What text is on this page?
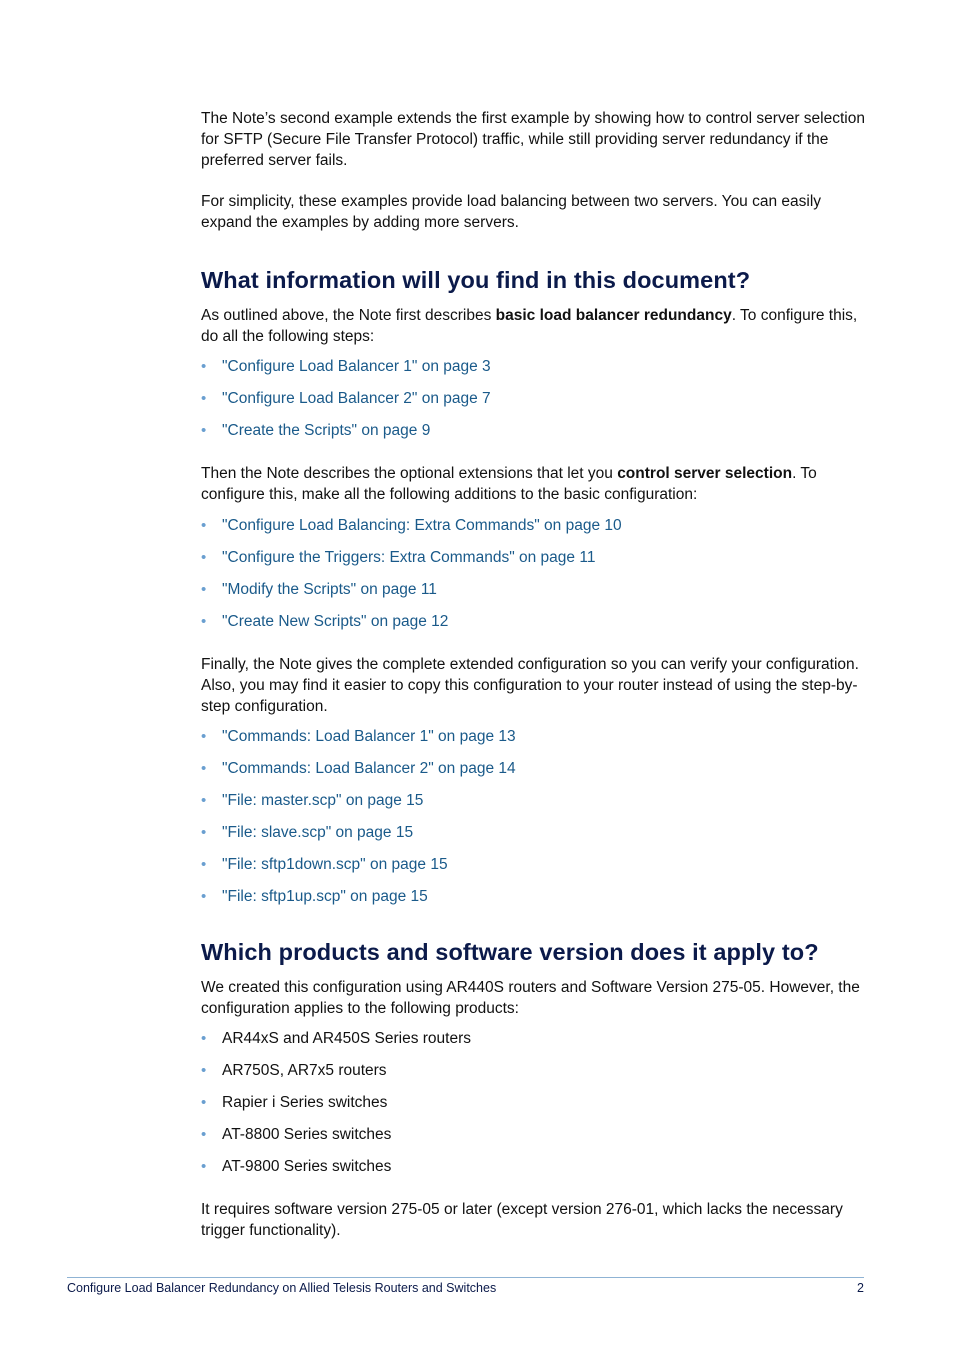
The Note’s second example extends the first example by showing how to control server selection for SFTP (Secure File Transfer Protocol) traffic, while still providing server redundancy if the preferred server fails.

For simplicity, these examples provide load balancing between two servers. You can easily expand the examples by adding more servers.

What information will you find in this document?

As outlined above, the Note first describes basic load balancer redundancy. To configure this, do all the following steps:

• "Configure Load Balancer 1" on page 3
• "Configure Load Balancer 2" on page 7
• "Create the Scripts" on page 9

Then the Note describes the optional extensions that let you control server selection. To configure this, make all the following additions to the basic configuration:

• "Configure Load Balancing: Extra Commands" on page 10
• "Configure the Triggers: Extra Commands" on page 11
• "Modify the Scripts" on page 11
• "Create New Scripts" on page 12

Finally, the Note gives the complete extended configuration so you can verify your configuration. Also, you may find it easier to copy this configuration to your router instead of using the step-by-step configuration.

• "Commands: Load Balancer 1" on page 13
• "Commands: Load Balancer 2" on page 14
• "File: master.scp" on page 15
• "File: slave.scp" on page 15
• "File: sftp1down.scp" on page 15
• "File: sftp1up.scp" on page 15
Which products and software version does it apply to?

We created this configuration using AR440S routers and Software Version 275-05. However, the configuration applies to the following products:

• AR44xS and AR450S Series routers
• AR750S, AR7x5 routers
• Rapier i Series switches
• AT-8800 Series switches
• AT-9800 Series switches

It requires software version 275-05 or later (except version 276-01, which lacks the necessary trigger functionality).

Configure Load Balancer Redundancy on Allied Telesis Routers and Switches	2
